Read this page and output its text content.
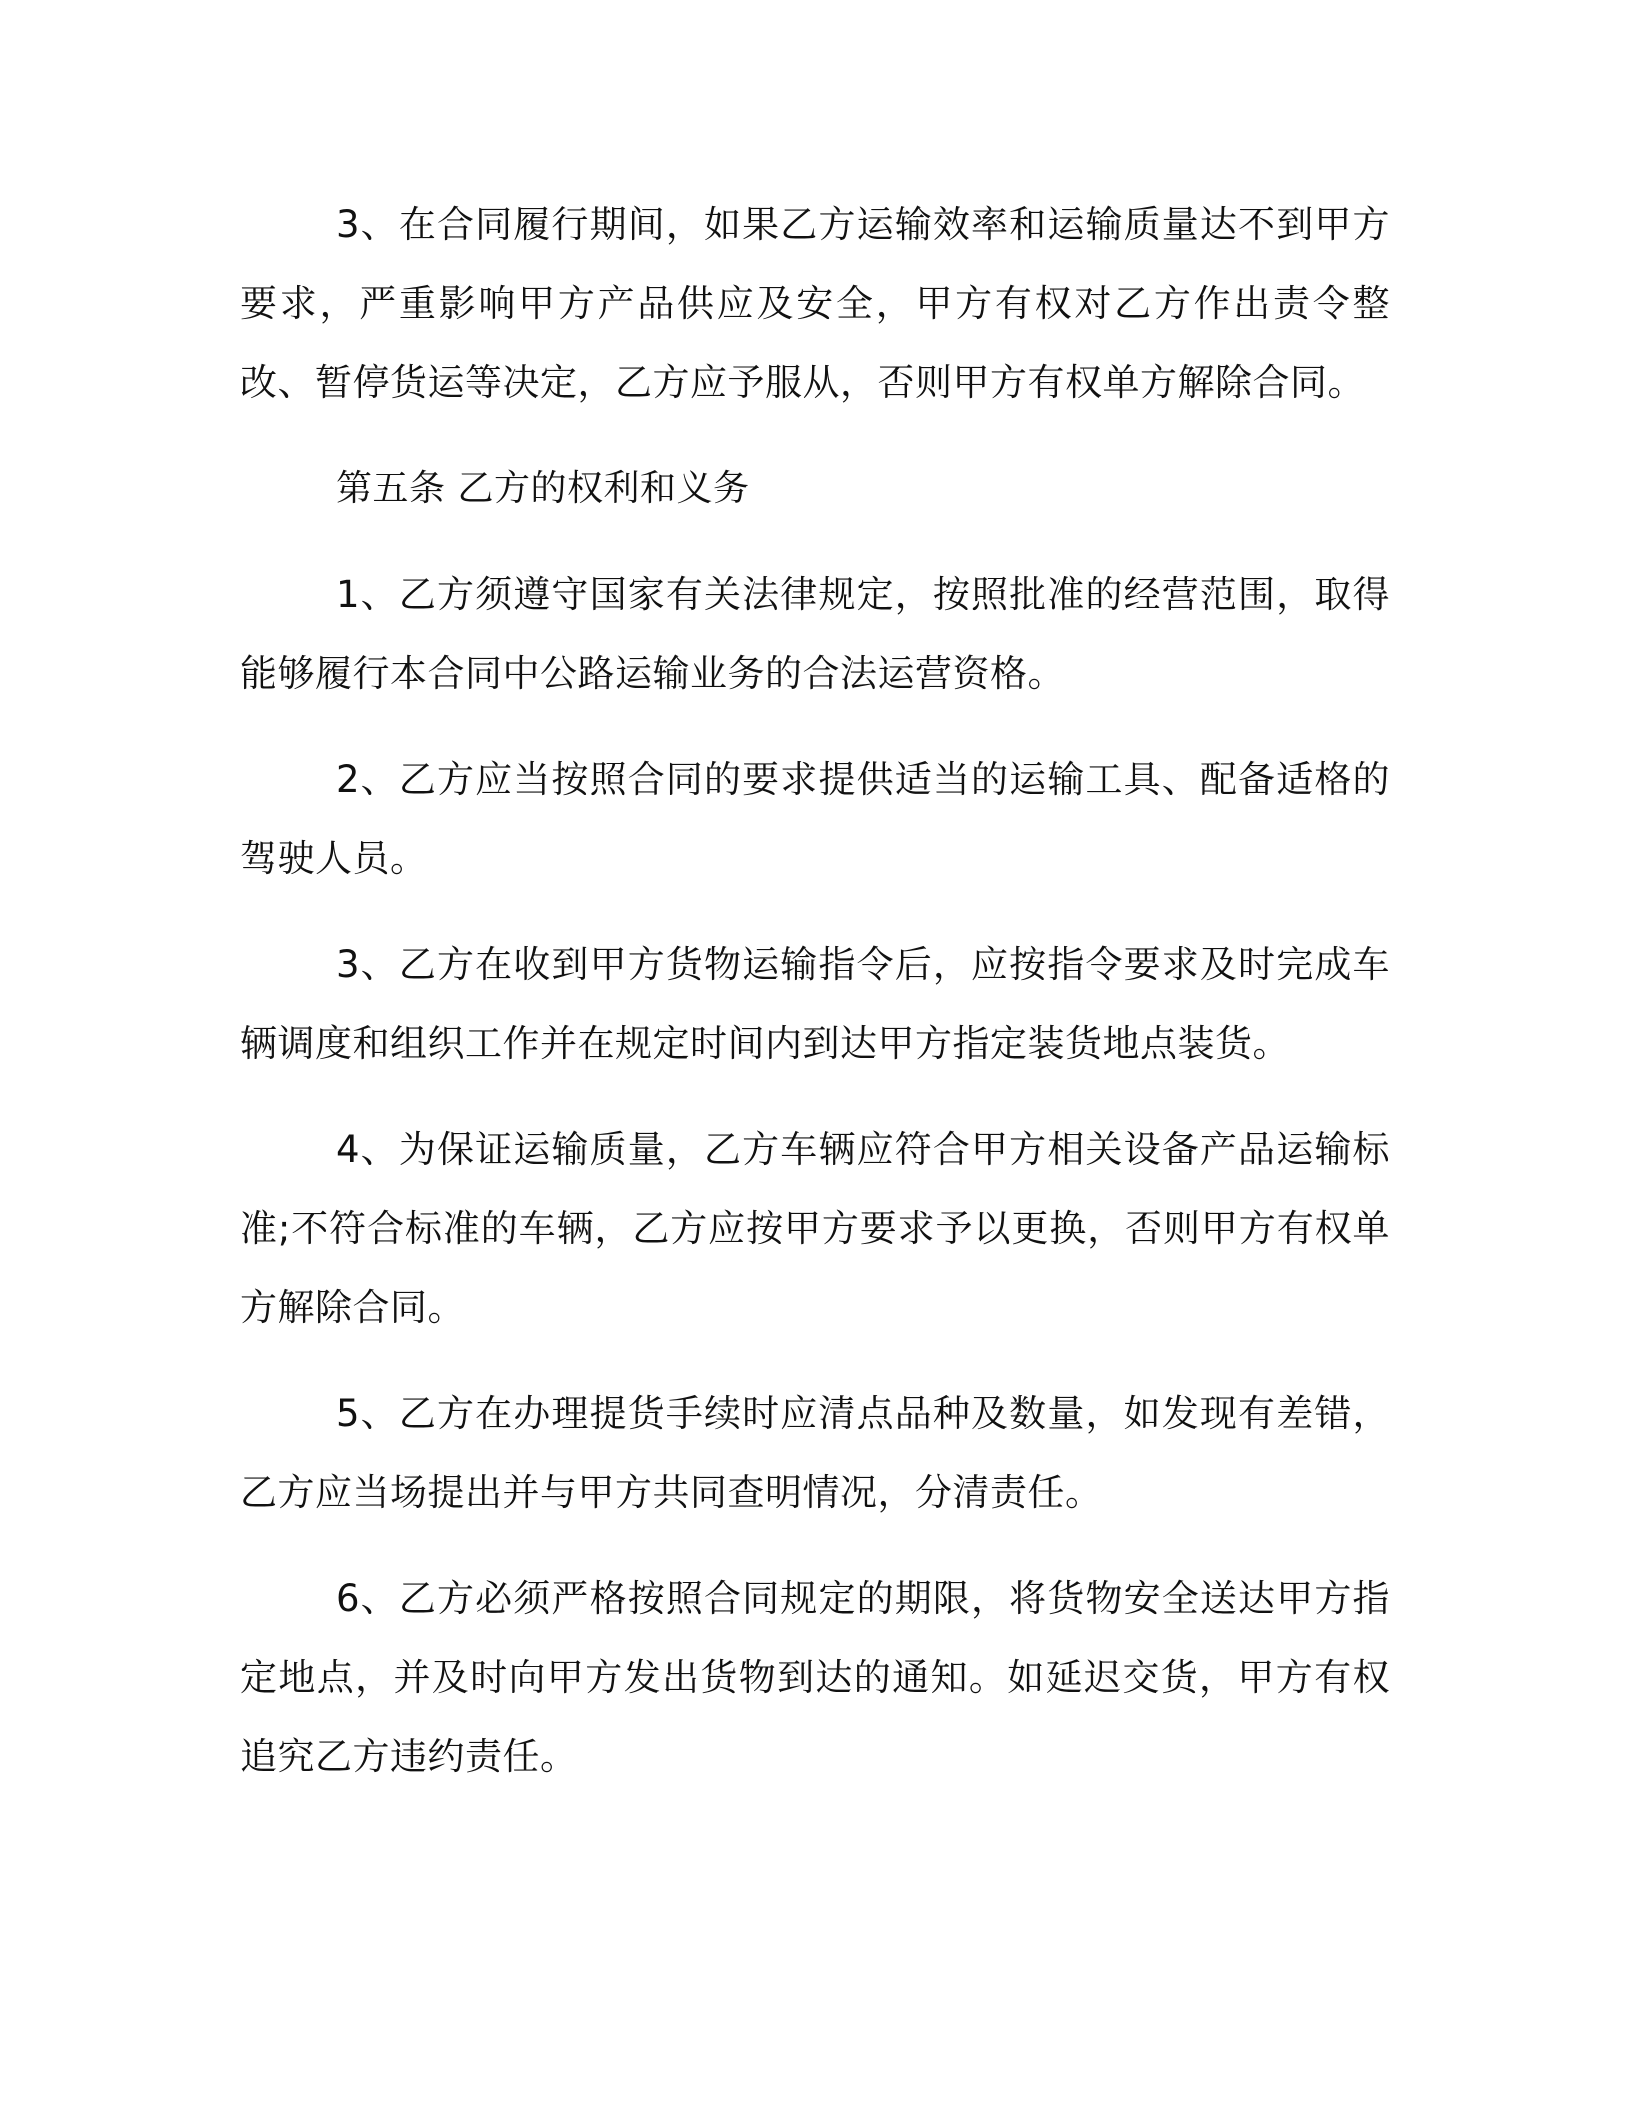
3、在合同履行期间，如果乙方运输效率和运输质量达不到甲方要求，严重影响甲方产品供应及安全，甲方有权对乙方作出责令整改、暂停货运等决定，乙方应予服从，否则甲方有权单方解除合同。

第五条 乙方的权利和义务

1、乙方须遵守国家有关法律规定，按照批准的经营范围，取得能够履行本合同中公路运输业务的合法运营资格。

2、乙方应当按照合同的要求提供适当的运输工具、配备适格的驾驶人员。

3、乙方在收到甲方货物运输指令后，应按指令要求及时完成车辆调度和组织工作并在规定时间内到达甲方指定装货地点装货。

4、为保证运输质量，乙方车辆应符合甲方相关设备产品运输标准;不符合标准的车辆，乙方应按甲方要求予以更换，否则甲方有权单方解除合同。

5、乙方在办理提货手续时应清点品种及数量，如发现有差错，乙方应当场提出并与甲方共同查明情况，分清责任。

6、乙方必须严格按照合同规定的期限，将货物安全送达甲方指定地点，并及时向甲方发出货物到达的通知。如延迟交货，甲方有权追究乙方违约责任。
